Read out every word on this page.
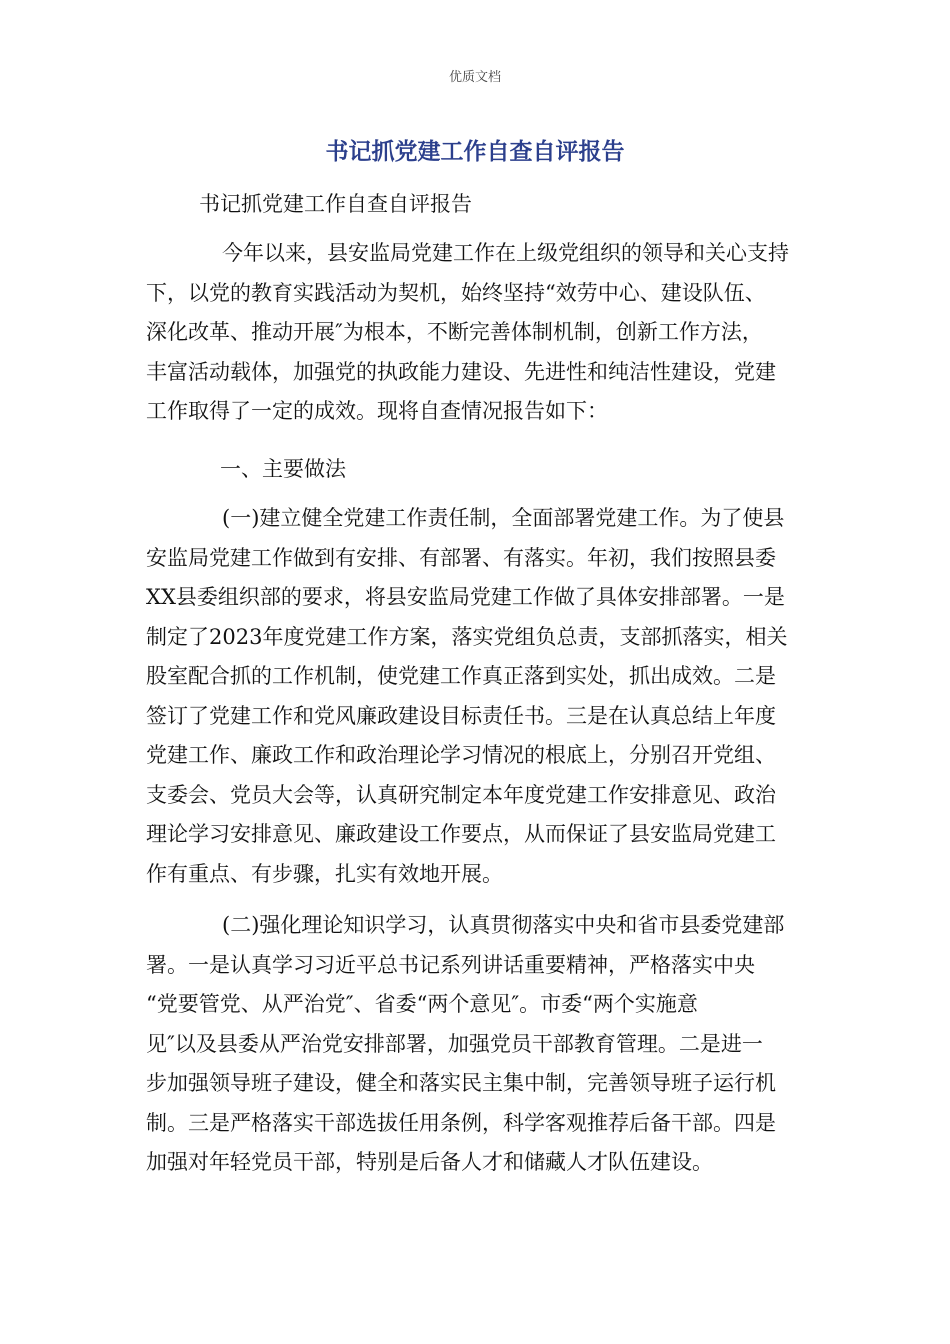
优质文档
书记抓党建工作自查自评报告
书记抓党建工作自查自评报告
今年以来，县安监局党建工作在上级党组织的领导和关心支持
下，以党的教育实践活动为契机，始终坚持“效劳中心、建设队伍、
深化改革、推动开展″为根本，不断完善体制机制，创新工作方法，
丰富活动载体，加强党的执政能力建设、先进性和纯洁性建设，党建
工作取得了一定的成效。现将自查情况报告如下：
一、主要做法
(一)建立健全党建工作责任制，全面部署党建工作。为了使县
安监局党建工作做到有安排、有部署、有落实。年初，我们按照县委
XX县委组织部的要求，将县安监局党建工作做了具体安排部署。一是
制定了2023年度党建工作方案，落实党组负总责，支部抓落实，相关
股室配合抓的工作机制，使党建工作真正落到实处，抓出成效。二是
签订了党建工作和党风廉政建设目标责任书。三是在认真总结上年度
党建工作、廉政工作和政治理论学习情况的根底上，分别召开党组、
支委会、党员大会等，认真研究制定本年度党建工作安排意见、政治
理论学习安排意见、廉政建设工作要点，从而保证了县安监局党建工
作有重点、有步骤，扎实有效地开展。
(二)强化理论知识学习，认真贯彻落实中央和省市县委党建部
署。一是认真学习习近平总书记系列讲话重要精神，严格落实中央
“党要管党、从严治党″、省委“两个意见″。市委“两个实施意
见″以及县委从严治党安排部署，加强党员干部教育管理。二是进一
步加强领导班子建设，健全和落实民主集中制，完善领导班子运行机
制。三是严格落实干部选拔任用条例，科学客观推荐后备干部。四是
加强对年轻党员干部，特别是后备人才和储藏人才队伍建设。
